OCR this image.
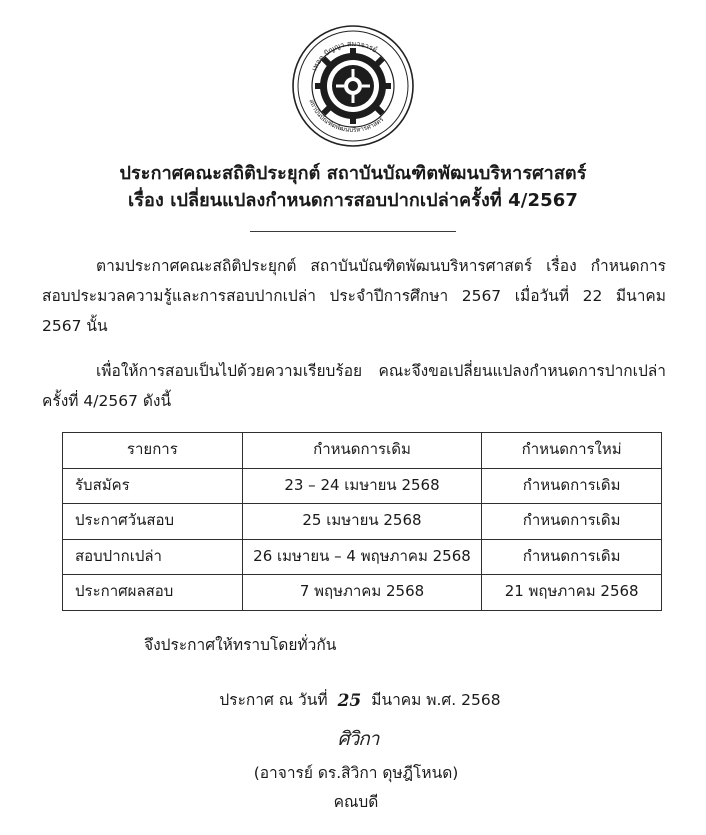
เทอด ปัญญา สมาจารย์
สถาบันบัณฑิตพัฒนบริหารศาสตร์
ประกาศคณะสถิติประยุกต์ สถาบันบัณฑิตพัฒนบริหารศาสตร์
เรื่อง เปลี่ยนแปลงกำหนดการสอบปากเปล่าครั้งที่ 4/2567

ตามประกาศคณะสถิติประยุกต์ สถาบันบัณฑิตพัฒนบริหารศาสตร์ เรื่อง กำหนดการสอบประมวลความรู้และการสอบปากเปล่า ประจำปีการศึกษา 2567 เมื่อวันที่ 22 มีนาคม 2567 นั้น

เพื่อให้การสอบเป็นไปด้วยความเรียบร้อย คณะจึงขอเปลี่ยนแปลงกำหนดการปากเปล่าครั้งที่ 4/2567 ดังนี้

รายการ	กำหนดการเดิม	กำหนดการใหม่
รับสมัคร	23 – 24 เมษายน 2568	กำหนดการเดิม
ประกาศวันสอบ	25 เมษายน 2568	กำหนดการเดิม
สอบปากเปล่า	26 เมษายน – 4 พฤษภาคม 2568	กำหนดการเดิม
ประกาศผลสอบ	7 พฤษภาคม 2568	21 พฤษภาคม 2568
จึงประกาศให้ทราบโดยทั่วกัน
ประกาศ ณ วันที่ 25 มีนาคม พ.ศ. 2568
ศิวิกา
(อาจารย์ ดร.สิวิกา ดุษฎีโหนด)
คณบดี
